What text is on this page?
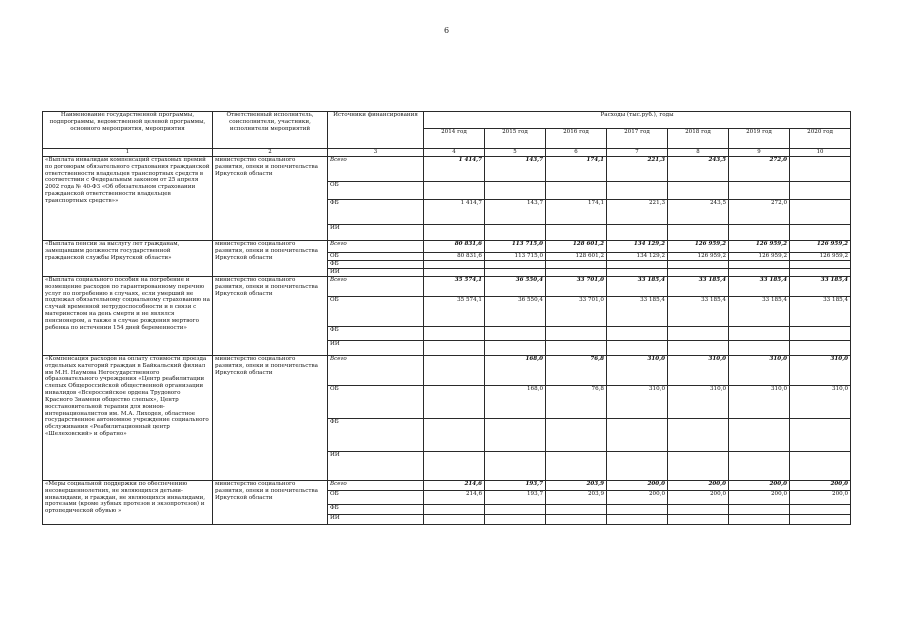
6
Наименование государственной программы, подпрограммы, ведомственной целевой программы, основного мероприятия, мероприятия	Ответственный исполнитель, соисполнители, участники, исполнители мероприятий	Источники финансирования	Расходы (тыс.руб.), годы						
			2014 год	2015 год	2016 год	2017 год	2018 год	2019 год	2020 год
1	2	3	4	5	6	7	8	9	10
«Выплата инвалидам компенсаций страховых премий по договорам обязательного страхования гражданской ответственности владельцев транспортных средств в соответствии с Федеральным законом от 25 апреля 2002 года № 40-ФЗ «Об обязательном страховании гражданской ответственности владельцев транспортных средств»»	министерство социального развития, опеки и попечительства Иркутской области	Всего	1 414,7	143,7	174,1	221,3	243,5	272,0	
		ОБ							
		ФБ	1 414,7	143,7	174,1	221,3	243,5	272,0	
		ИИ							
«Выплата пенсии за выслугу лет гражданам, замещавшим должности государственной гражданской службы Иркутской области»	министерство социального развития, опеки и попечительства Иркутской области	Всего	80 831,6	113 715,0	128 601,2	134 129,2	126 959,2	126 959,2	126 959,2
		ОБ	80 831,6	113 715,0	128 601,2	134 129,2	126 959,2	126 959,2	126 959,2
		ФБ							
		ИИ							
«Выплата социального пособия на погребение и возмещение расходов по гарантированному перечню услуг по погребению в случаях, если умерший не подлежал обязательному социальному страхованию на случай временной нетрудоспособности и в связи с материнством на день смерти и не являлся пенсионером, а также в случае рождения мертвого ребенка по истечении 154 дней беременности»	министерство социального развития, опеки и попечительства Иркутской области	Всего	35 574,1	36 550,4	33 701,0	33 185,4	33 185,4	33 185,4	33 185,4
		ОБ	35 574,1	36 550,4	33 701,0	33 185,4	33 185,4	33 185,4	33 185,4
		ФБ							
		ИИ							
«Компенсация расходов на оплату стоимости проезда отдельных категорий граждан в Байкальский филиал им М.Н. Наумова Негосударственного образовательного учреждения «Центр реабилитации слепых Общероссийской общественной организации инвалидов «Всероссийское ордена Трудового Красного Знамени общество слепых», Центр восстановительной терапии для воинов-интернационалистов им. М.А. Лиходея, областное государственное автономное учреждение социального обслуживания «Реабилитационный центр «Шелеховский» и обратно»	министерство социального развития, опеки и попечительства Иркутской области	Всего		168,0	76,8	310,0	310,0	310,0	310,0
		ОБ		168,0	76,8	310,0	310,0	310,0	310,0
		ФБ							
		ИИ							
«Меры социальной поддержки по обеспечению несовершеннолетних, не являющихся детьми-инвалидами, и граждан, не являющихся инвалидами, протезами (кроме зубных протезов и экзопротезов) и ортопедической обувью »	министерство социального развития, опеки и попечительства Иркутской области	Всего	214,6	193,7	203,9	200,0	200,0	200,0	200,0
		ОБ	214,6	193,7	203,9	200,0	200,0	200,0	200,0
		ФБ							
		ИИ							
